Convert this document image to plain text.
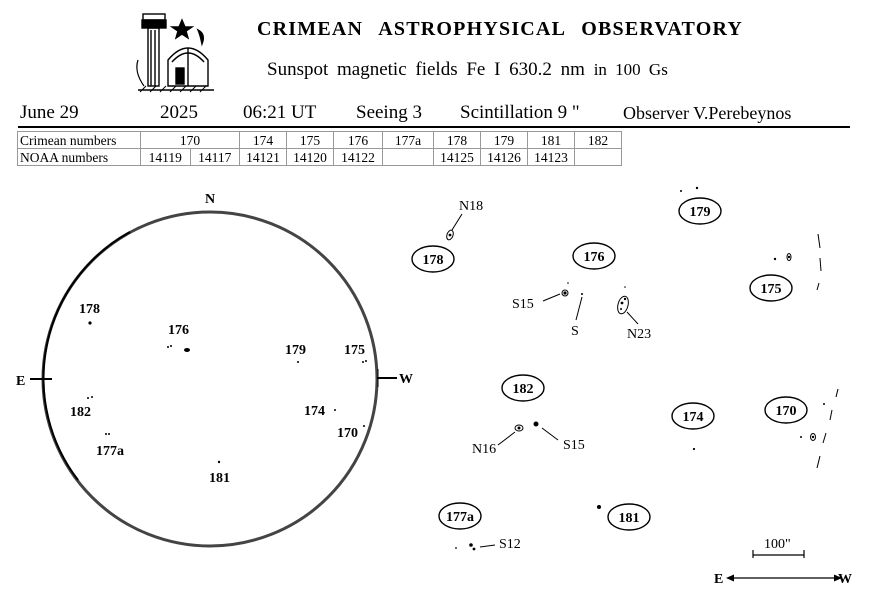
CRIMEAN ASTROPHYSICAL OBSERVATORY
Sunspot magnetic fields Fe I 630.2 nm in 100 Gs
June 29	2025 06:21 UT Seeing 3 Scintillation 9 " Observer V.Perebeynos
Crimean numbers	170		174	175	176	177a	178	179	181	182
NOAA numbers	14119	14117	14121	14120	14122		14125	14126	14123	
N
E	W
178
176
179	175
182	174
170
177a
181
178	176
179
175
182
174	170
177a	181
N18
S15
S	N23
N16	S15
S12	100"
E	W
